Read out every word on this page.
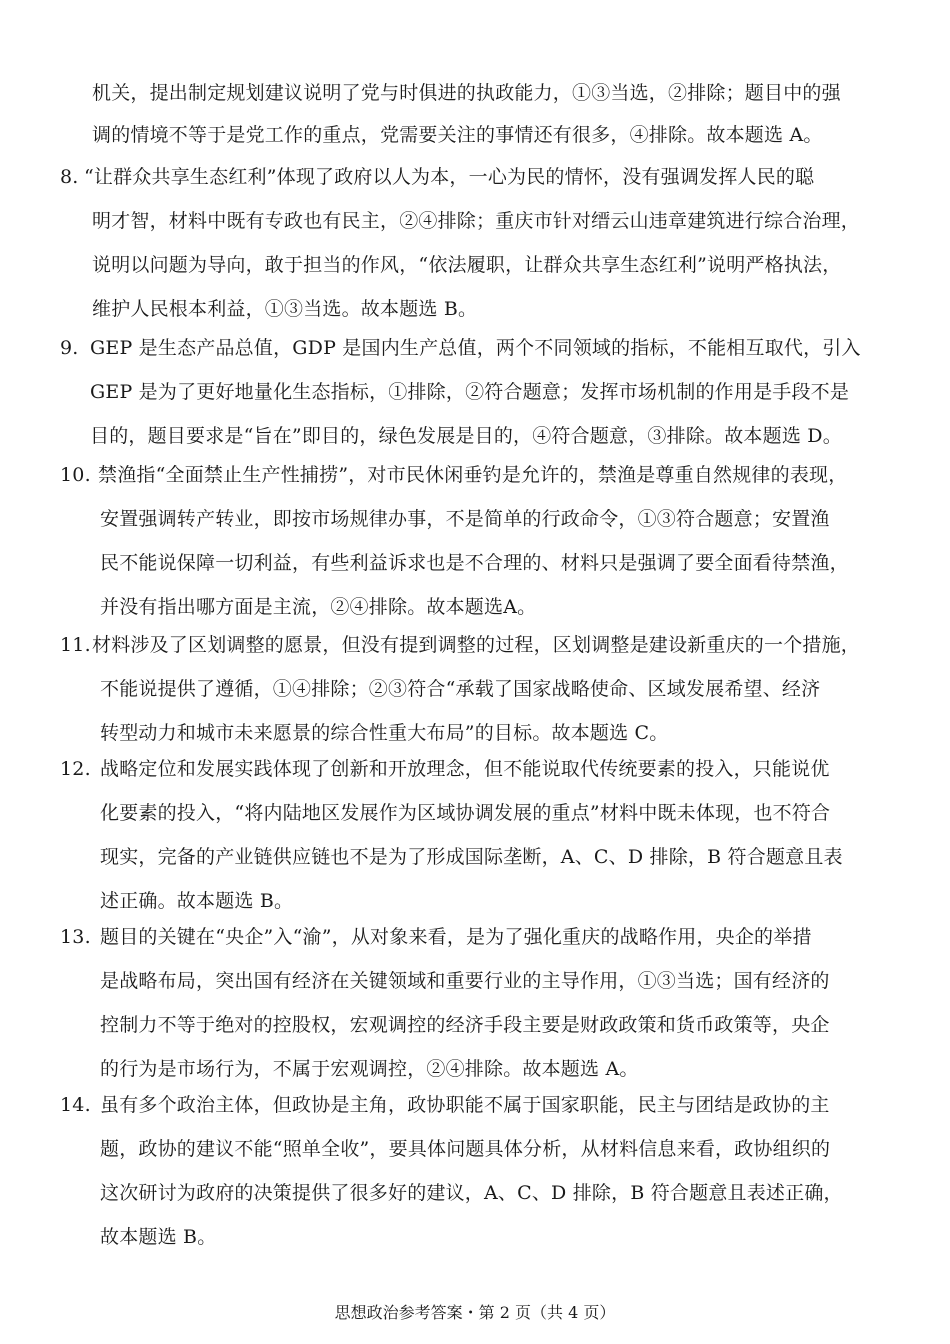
机关，提出制定规划建议说明了党与时俱进的执政能力，①③当选，②排除；题目中的强
调的情境不等于是党工作的重点，党需要关注的事情还有很多，④排除。故本题选 A。
8. “让群众共享生态红利”体现了政府以人为本，一心为民的情怀，没有强调发挥人民的聪
明才智，材料中既有专政也有民主，②④排除；重庆市针对缙云山违章建筑进行综合治理，
说明以问题为导向，敢于担当的作风，“依法履职，让群众共享生态红利”说明严格执法，
维护人民根本利益，①③当选。故本题选 B。
9. GEP 是生态产品总值，GDP 是国内生产总值，两个不同领域的指标，不能相互取代，引入
GEP 是为了更好地量化生态指标，①排除，②符合题意；发挥市场机制的作用是手段不是
目的，题目要求是“旨在”即目的，绿色发展是目的，④符合题意，③排除。故本题选 D。
10. 禁渔指“全面禁止生产性捕捞”，对市民休闲垂钓是允许的，禁渔是尊重自然规律的表现，
安置强调转产转业，即按市场规律办事，不是简单的行政命令，①③符合题意；安置渔
民不能说保障一切利益，有些利益诉求也是不合理的、材料只是强调了要全面看待禁渔，
并没有指出哪方面是主流，②④排除。故本题选A。
11. 材料涉及了区划调整的愿景，但没有提到调整的过程，区划调整是建设新重庆的一个措施，
不能说提供了遵循，①④排除；②③符合“承载了国家战略使命、区域发展希望、经济
转型动力和城市未来愿景的综合性重大布局”的目标。故本题选 C。
12. 战略定位和发展实践体现了创新和开放理念，但不能说取代传统要素的投入，只能说优
化要素的投入，“将内陆地区发展作为区域协调发展的重点”材料中既未体现，也不符合
现实，完备的产业链供应链也不是为了形成国际垄断，A、C、D 排除，B 符合题意且表
述正确。故本题选 B。
13. 题目的关键在“央企”入“渝”，从对象来看，是为了强化重庆的战略作用，央企的举措
是战略布局，突出国有经济在关键领域和重要行业的主导作用，①③当选；国有经济的
控制力不等于绝对的控股权，宏观调控的经济手段主要是财政政策和货币政策等，央企
的行为是市场行为，不属于宏观调控，②④排除。故本题选 A。
14. 虽有多个政治主体，但政协是主角，政协职能不属于国家职能，民主与团结是政协的主
题，政协的建议不能“照单全收”，要具体问题具体分析，从材料信息来看，政协组织的
这次研讨为政府的决策提供了很多好的建议，A、C、D 排除，B 符合题意且表述正确，
故本题选 B。
思想政治参考答案・第 2 页（共 4 页）
